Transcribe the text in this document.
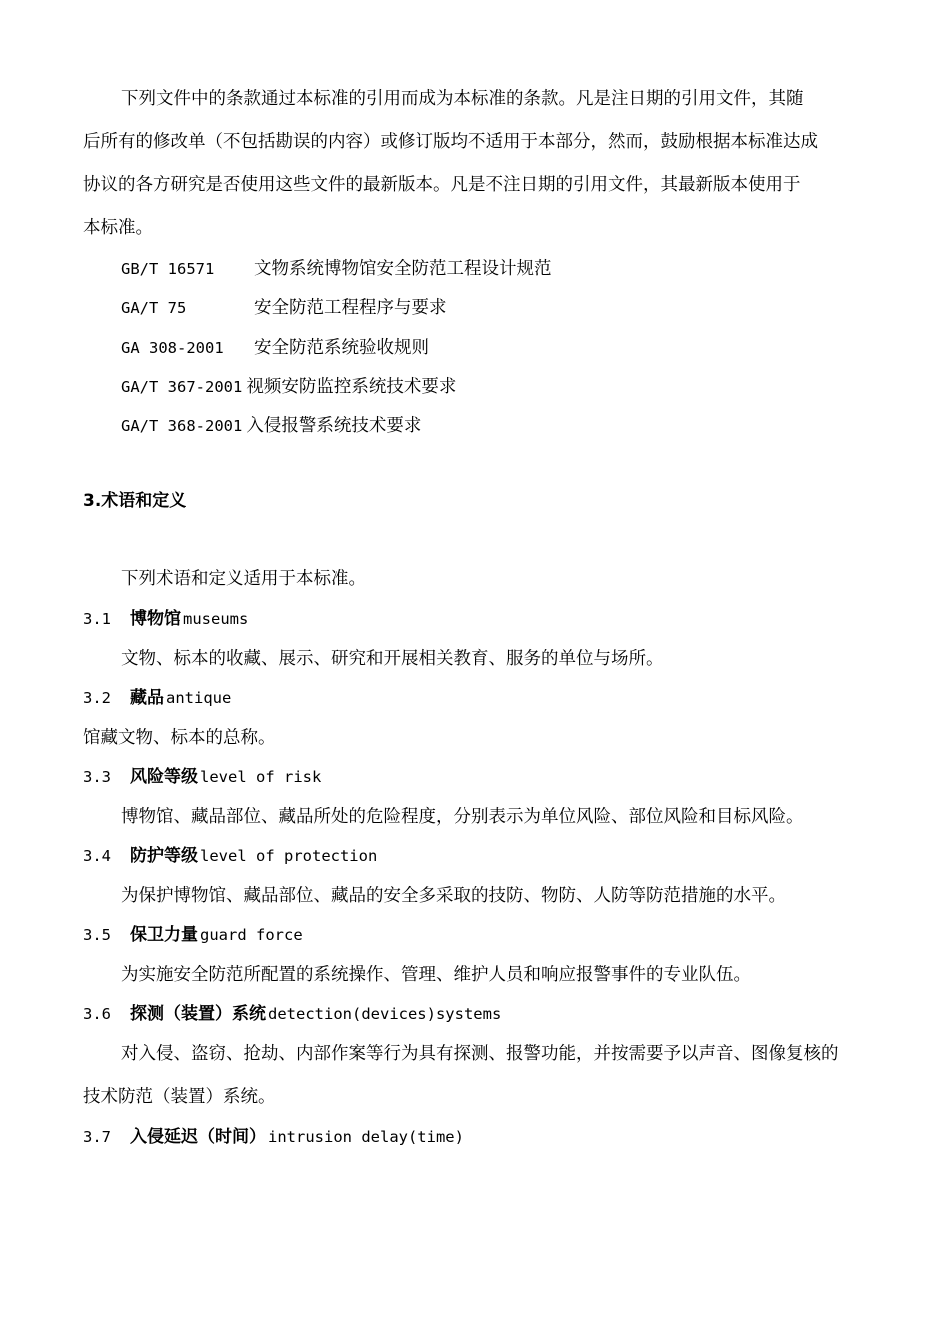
下列文件中的条款通过本标准的引用而成为本标准的条款。凡是注日期的引用文件，其随
后所有的修改单（不包括勘误的内容）或修订版均不适用于本部分，然而，鼓励根据本标准达成
协议的各方研究是否使用这些文件的最新版本。凡是不注日期的引用文件，其最新版本使用于
本标准。
GB/T 16571 文物系统博物馆安全防范工程设计规范
GA/T 75	安全防范工程程序与要求
GA 308-2001 安全防范系统验收规则
GA/T 367-2001 视频安防监控系统技术要求
GA/T 368-2001 入侵报警系统技术要求
3.术语和定义
下列术语和定义适用于本标准。
3.1 博物馆 museums
文物、标本的收藏、展示、研究和开展相关教育、服务的单位与场所。
3.2 藏品 antique
馆藏文物、标本的总称。
3.3 风险等级 level of risk
博物馆、藏品部位、藏品所处的危险程度，分别表示为单位风险、部位风险和目标风险。
3.4 防护等级 level of protection
为保护博物馆、藏品部位、藏品的安全多采取的技防、物防、人防等防范措施的水平。
3.5 保卫力量 guard force
为实施安全防范所配置的系统操作、管理、维护人员和响应报警事件的专业队伍。
3.6 探测（装置）系统 detection(devices)systems
对入侵、盗窃、抢劫、内部作案等行为具有探测、报警功能，并按需要予以声音、图像复核的
技术防范（装置）系统。
3.7 入侵延迟（时间） intrusion delay(time)
